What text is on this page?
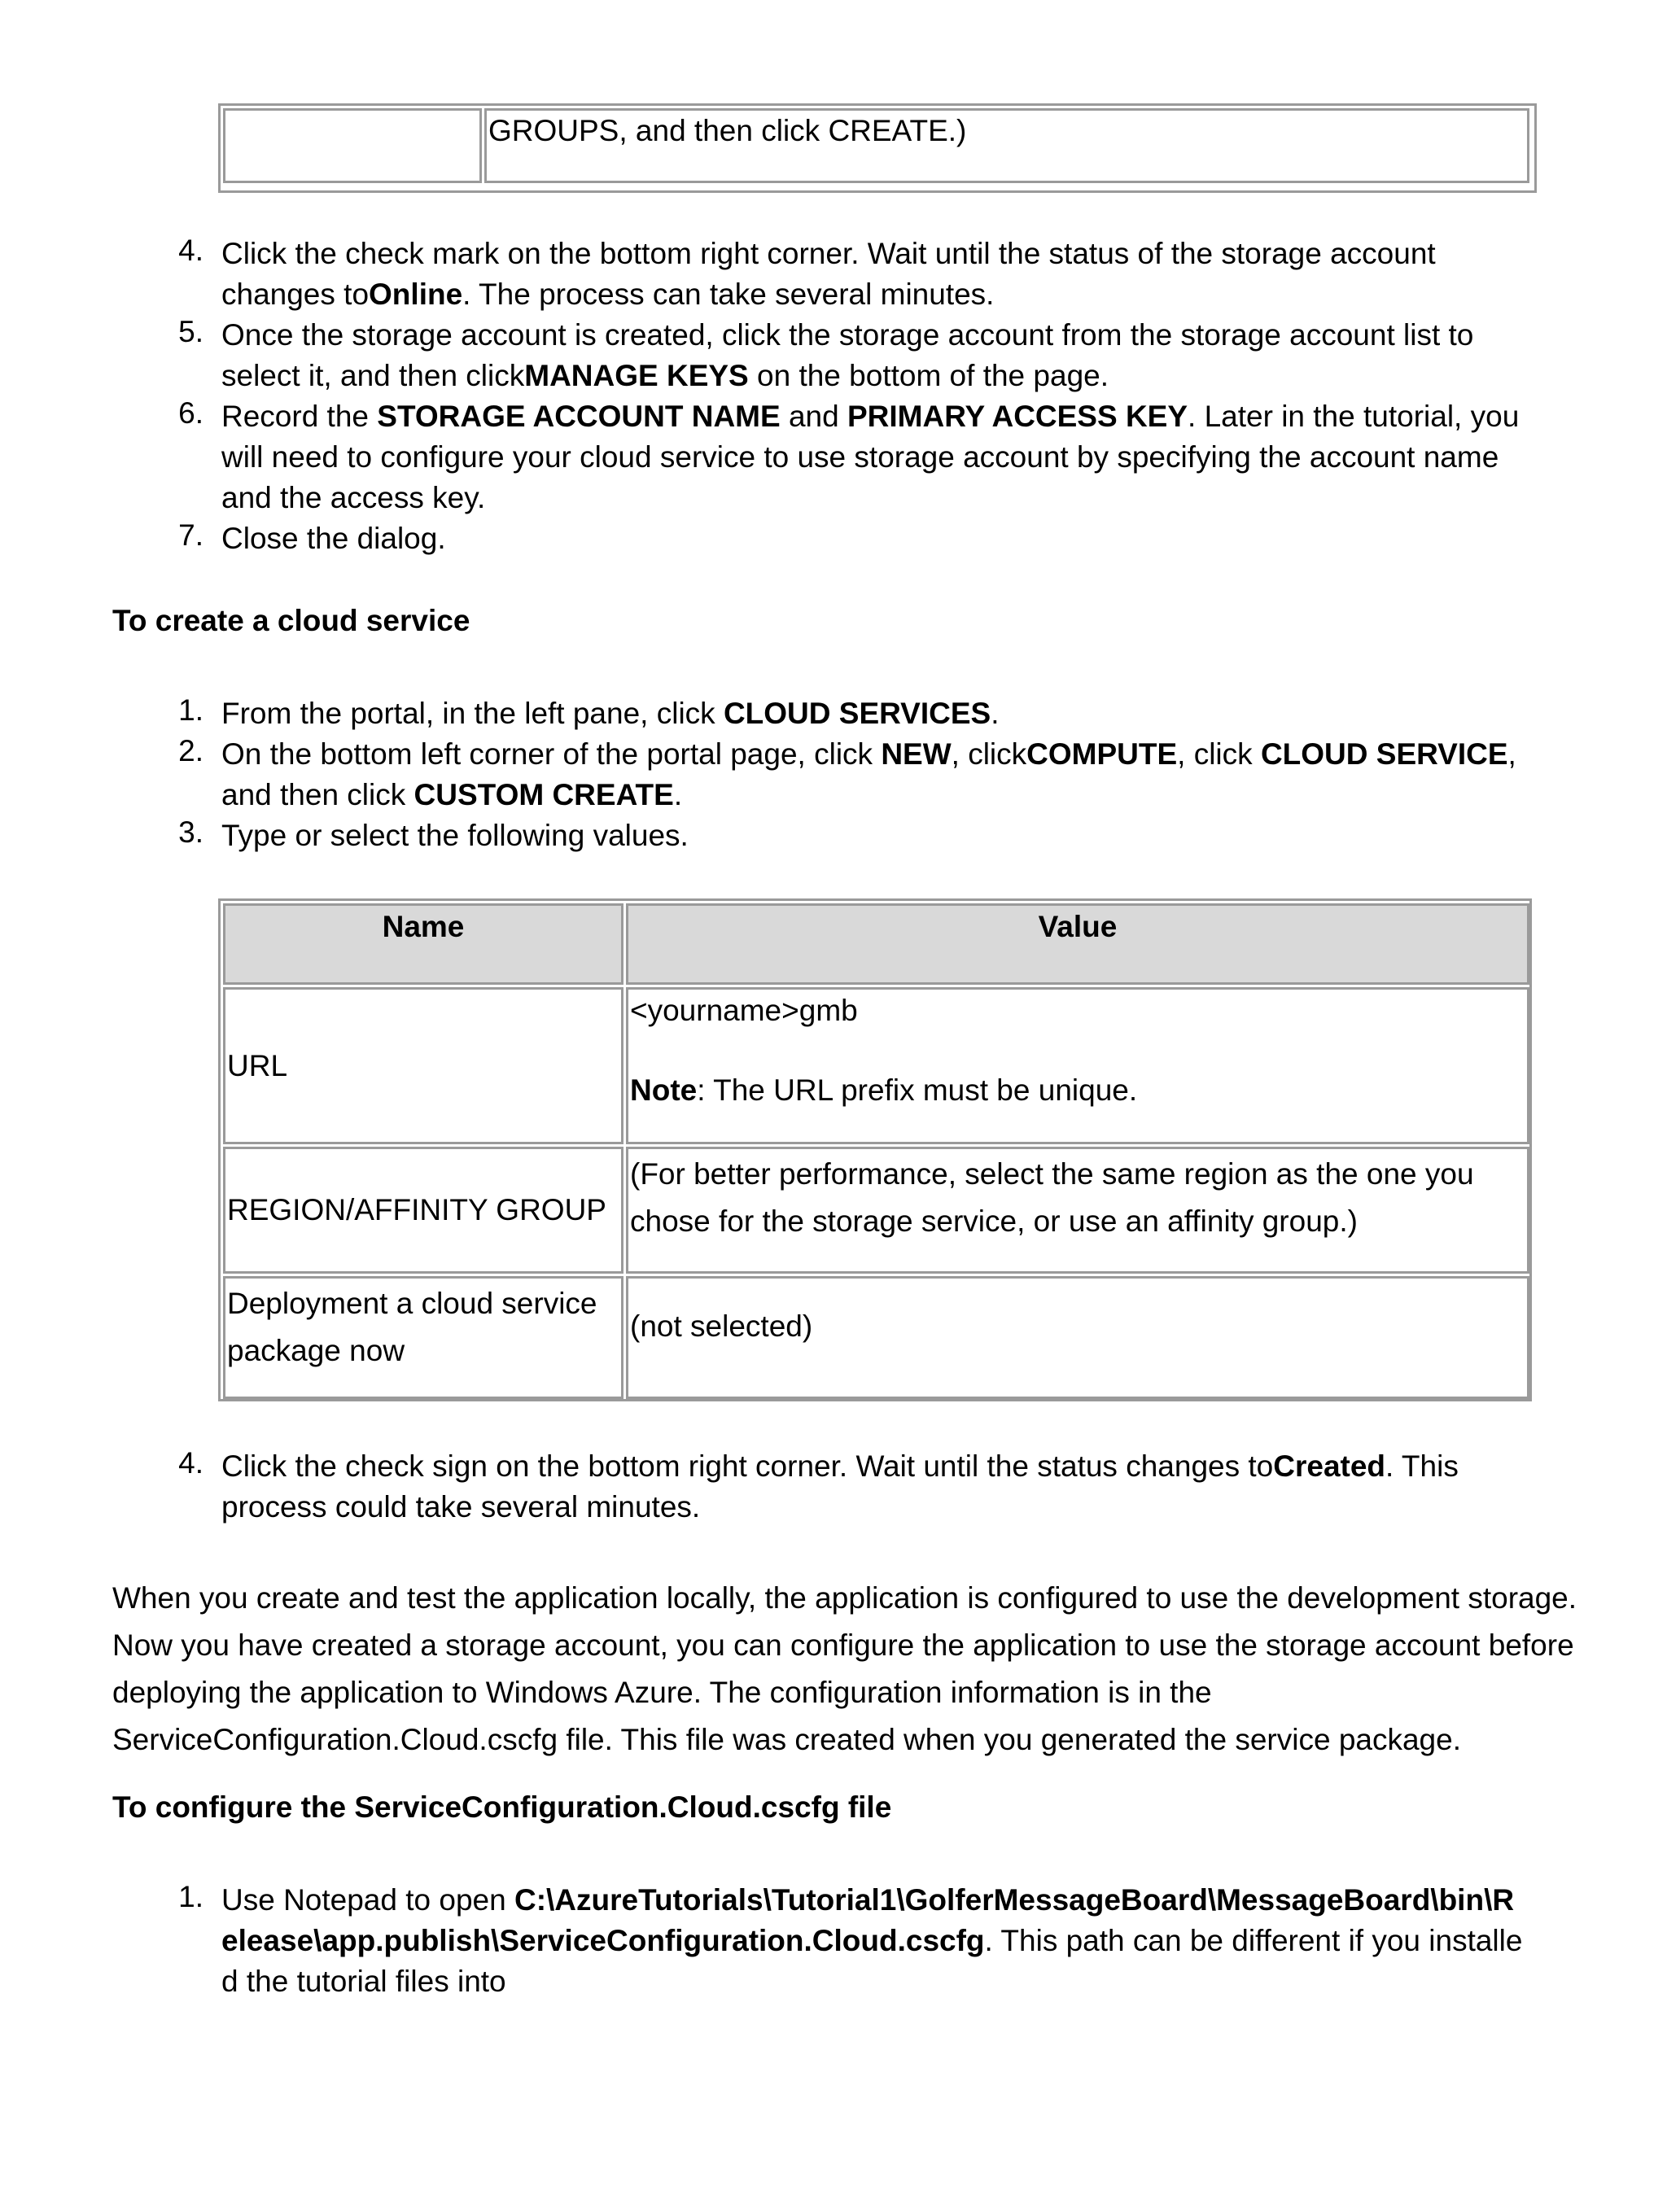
GROUPS, and then click CREATE.)
4. Click the check mark on the bottom right corner. Wait until the status of the storage account changes toOnline. The process can take several minutes.
5. Once the storage account is created, click the storage account from the storage account list to select it, and then clickMANAGE KEYS on the bottom of the page.
6. Record the STORAGE ACCOUNT NAME and PRIMARY ACCESS KEY. Later in the tutorial, you will need to configure your cloud service to use storage account by specifying the account name and the access key.
7. Close the dialog.
To create a cloud service
1. From the portal, in the left pane, click CLOUD SERVICES.
2. On the bottom left corner of the portal page, click NEW, clickCOMPUTE, click CLOUD SERVICE, and then click CUSTOM CREATE.
3. Type or select the following values.
Name	Value
URL
<yourname>gmb
Note: The URL prefix must be unique.
REGION/AFFINITY GROUP
(For better performance, select the same region as the one you chose for the storage service, or use an affinity group.)
Deployment a cloud service package now
(not selected)
4. Click the check sign on the bottom right corner. Wait until the status changes toCreated. This process could take several minutes.
When you create and test the application locally, the application is configured to use the development storage. Now you have created a storage account, you can configure the application to use the storage account before deploying the application to Windows Azure. The configuration information is in the ServiceConfiguration.Cloud.cscfg file. This file was created when you generated the service package.
To configure the ServiceConfiguration.Cloud.cscfg file
1. Use Notepad to open C:\AzureTutorials\Tutorial1\GolferMessageBoard\MessageBoard\bin\Release\app.publish\ServiceConfiguration.Cloud.cscfg. This path can be different if you installed the tutorial files into
